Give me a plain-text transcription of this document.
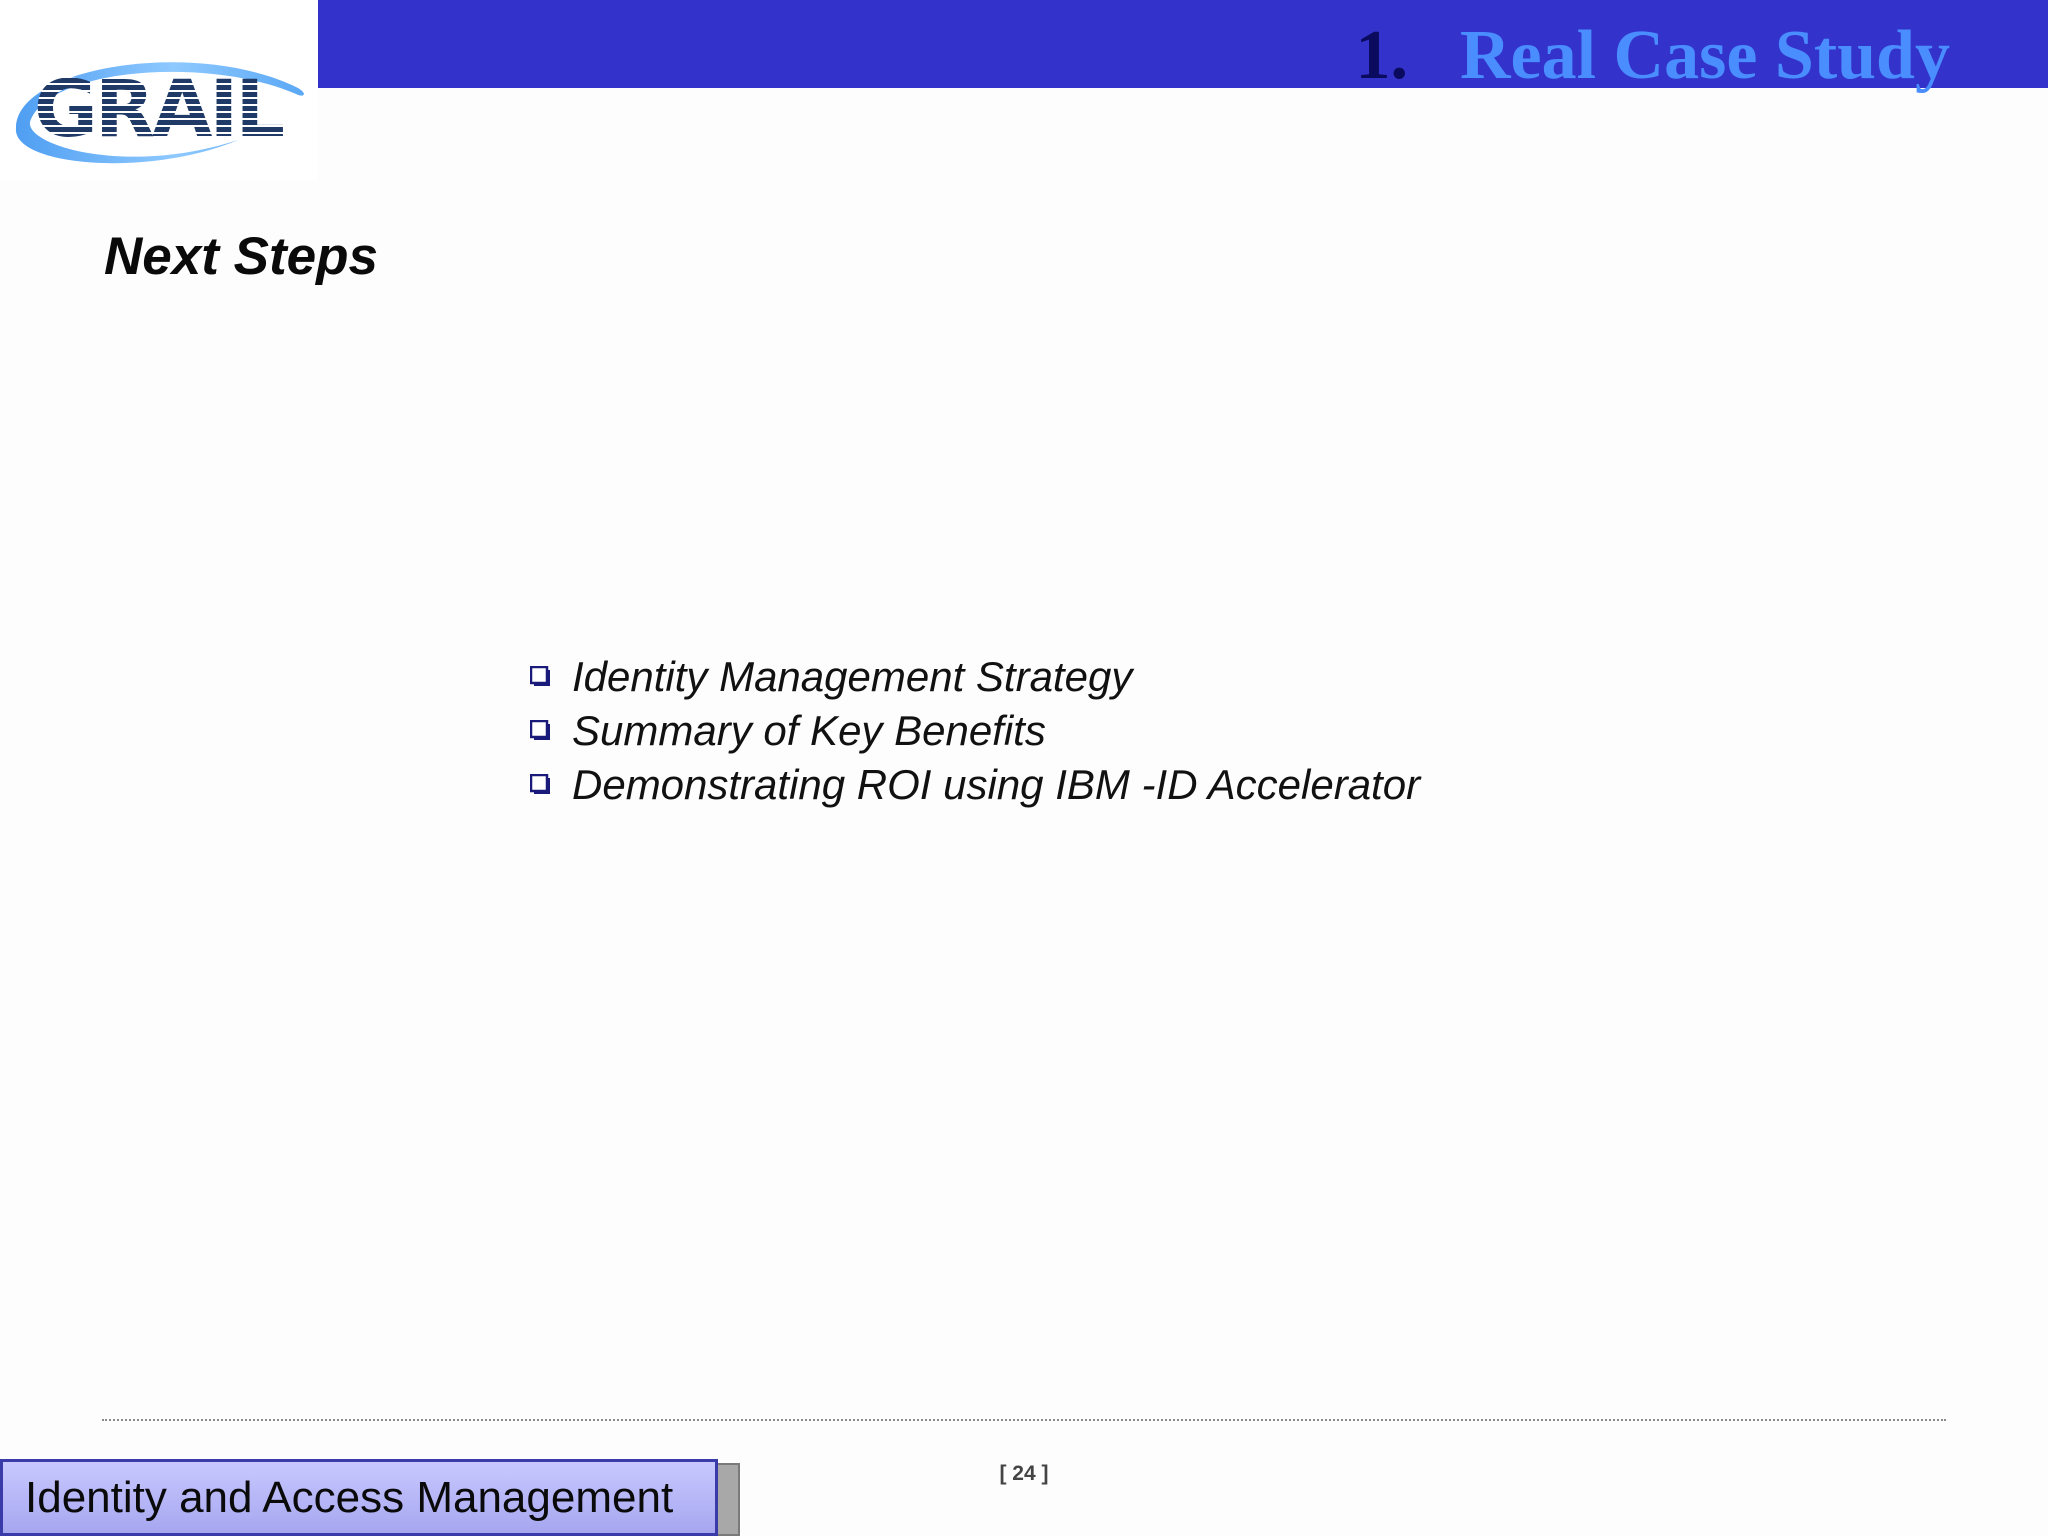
1. Real Case Study
GRAIL
Next Steps
Identity Management Strategy
Summary of Key Benefits
Demonstrating ROI using IBM -ID Accelerator
Identity and Access Management	[ 24 ]
